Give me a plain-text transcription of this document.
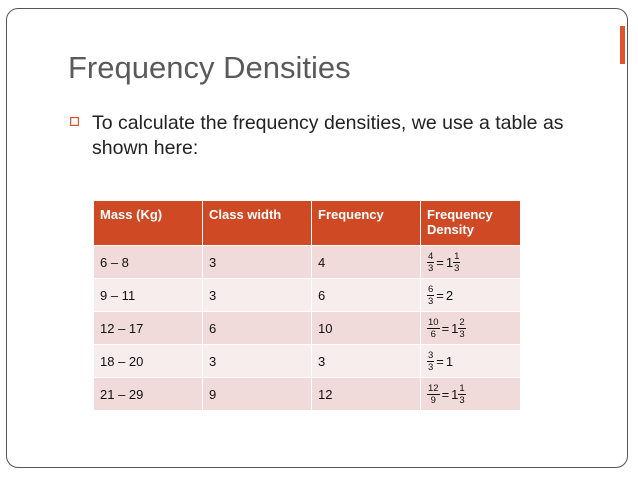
Frequency Densities
To calculate the frequency densities, we use a table as shown here:
Mass (Kg)	Class width	Frequency	Frequency Density
6 – 8	3	4	$\frac{4}{3} = 1 \frac{1}{3}$

9 – 11	3	6	$\frac{6}{3} = 2$
12 – 17	6	10	$\frac{10}{6} = 1 \frac{2}{3}$

18 – 20	3	3	$\frac{3}{3} = 1$
21 – 29	9	12	$\frac{12}{9} = 1 \frac{1}{3}$
